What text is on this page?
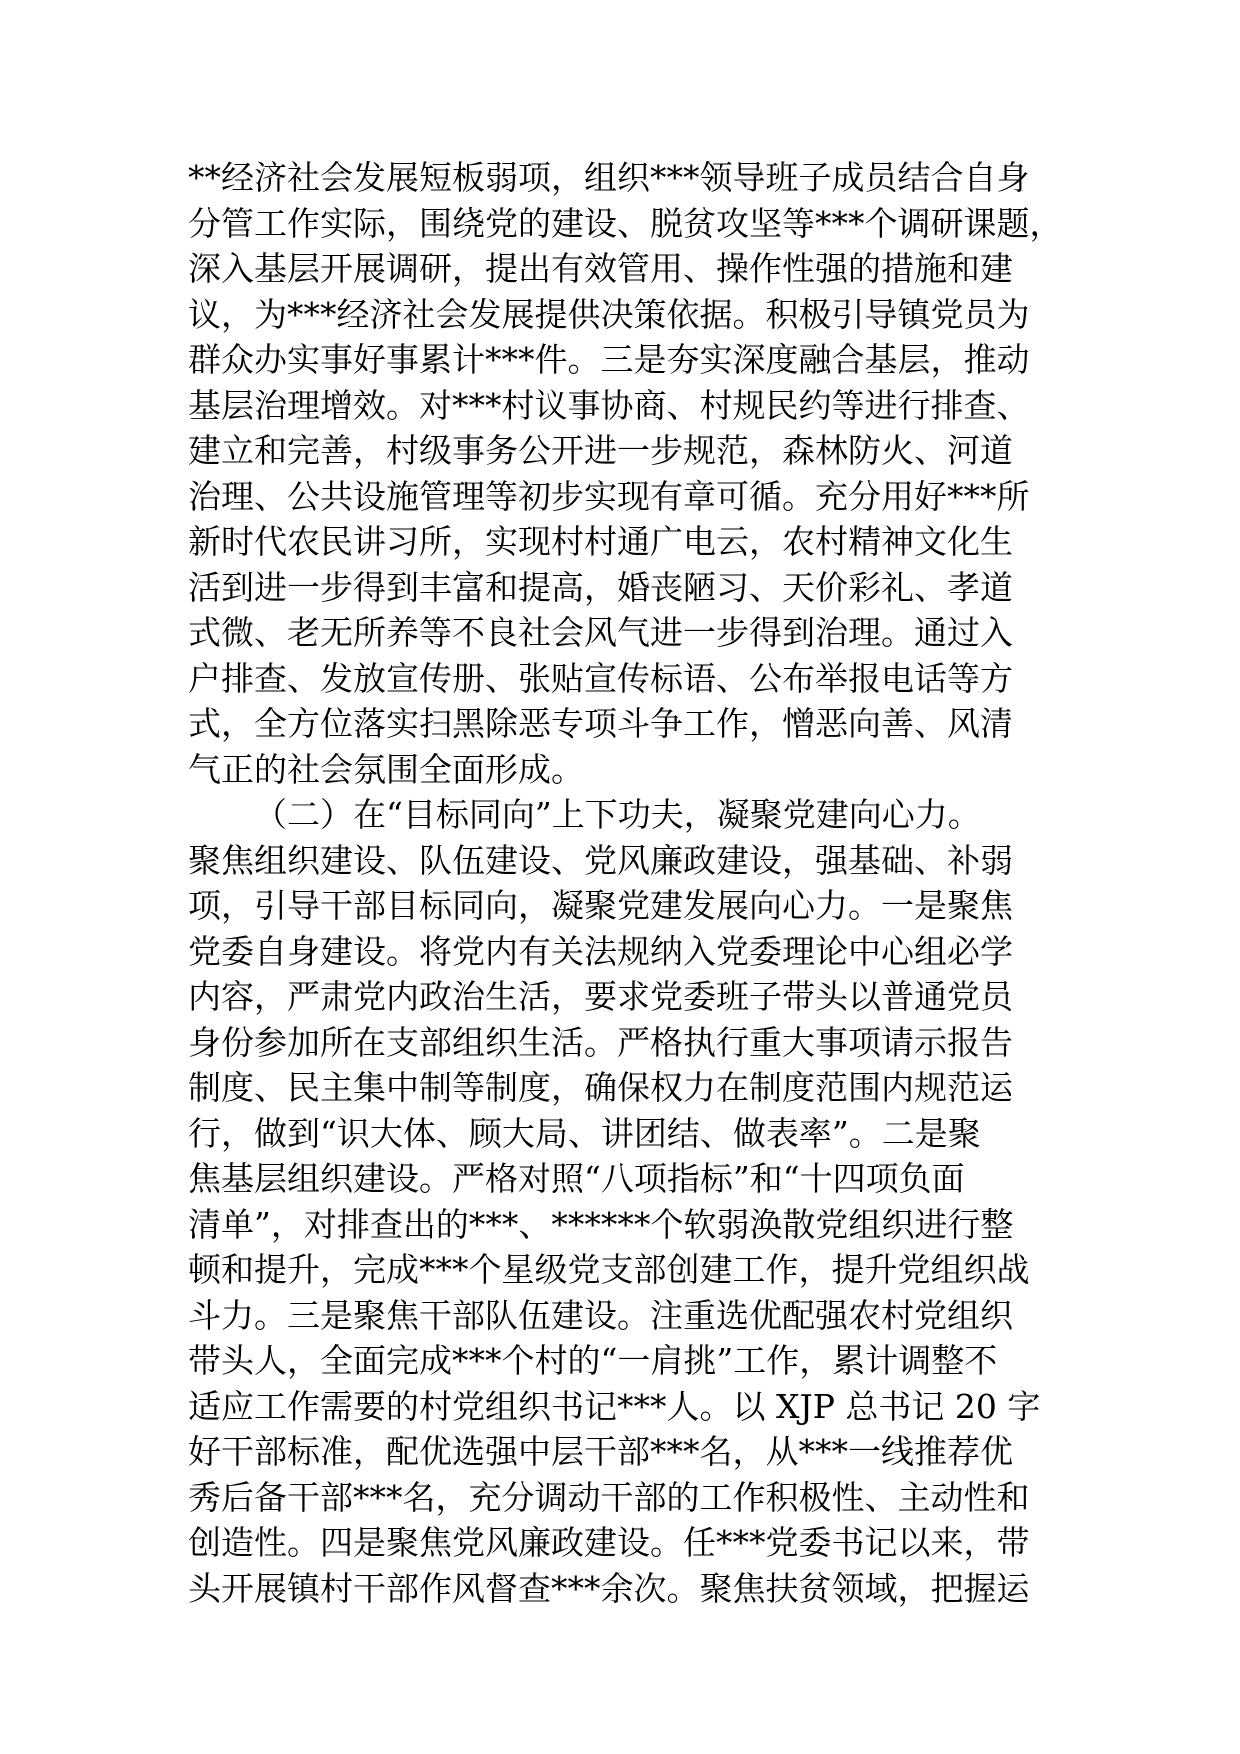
**经济社会发展短板弱项，组织***领导班子成员结合自身
分管工作实际，围绕党的建设、脱贫攻坚等***个调研课题，
深入基层开展调研，提出有效管用、操作性强的措施和建
议，为***经济社会发展提供决策依据。积极引导镇党员为
群众办实事好事累计***件。三是夯实深度融合基层，推动
基层治理增效。对***村议事协商、村规民约等进行排查、
建立和完善，村级事务公开进一步规范，森林防火、河道
治理、公共设施管理等初步实现有章可循。充分用好***所
新时代农民讲习所，实现村村通广电云，农村精神文化生
活到进一步得到丰富和提高，婚丧陋习、天价彩礼、孝道
式微、老无所养等不良社会风气进一步得到治理。通过入
户排查、发放宣传册、张贴宣传标语、公布举报电话等方
式，全方位落实扫黑除恶专项斗争工作，憎恶向善、风清
气正的社会氛围全面形成。
（二）在“目标同向”上下功夫，凝聚党建向心力。
聚焦组织建设、队伍建设、党风廉政建设，强基础、补弱
项，引导干部目标同向，凝聚党建发展向心力。一是聚焦
党委自身建设。将党内有关法规纳入党委理论中心组必学
内容，严肃党内政治生活，要求党委班子带头以普通党员
身份参加所在支部组织生活。严格执行重大事项请示报告
制度、民主集中制等制度，确保权力在制度范围内规范运
行，做到“识大体、顾大局、讲团结、做表率”。二是聚
焦基层组织建设。严格对照“八项指标”和“十四项负面
清单”，对排查出的***、******个软弱涣散党组织进行整
顿和提升，完成***个星级党支部创建工作，提升党组织战
斗力。三是聚焦干部队伍建设。注重选优配强农村党组织
带头人，全面完成***个村的“一肩挑”工作，累计调整不
适应工作需要的村党组织书记***人。以 XJP 总书记 20 字
好干部标准，配优选强中层干部***名，从***一线推荐优
秀后备干部***名，充分调动干部的工作积极性、主动性和
创造性。四是聚焦党风廉政建设。任***党委书记以来，带
头开展镇村干部作风督查***余次。聚焦扶贫领域，把握运
